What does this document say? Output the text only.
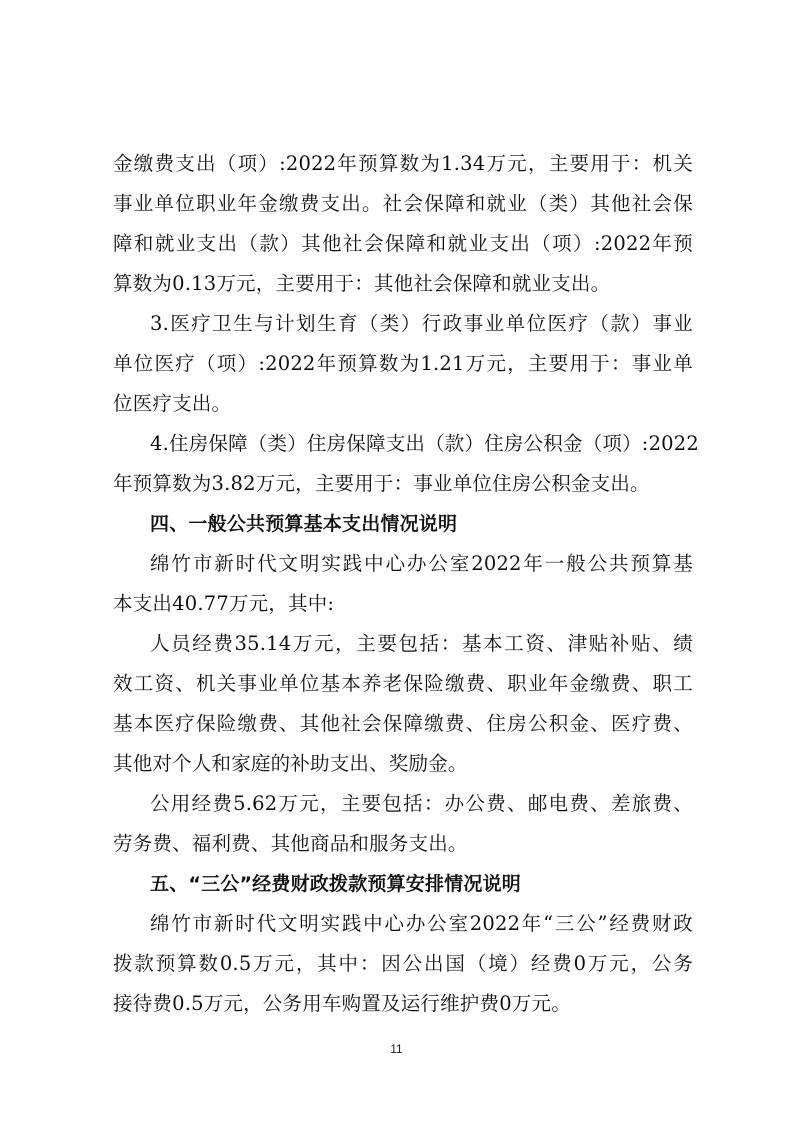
金缴费支出（项）:2022年预算数为1.34万元，主要用于：机关
事业单位职业年金缴费支出。社会保障和就业（类）其他社会保
障和就业支出（款）其他社会保障和就业支出（项）:2022年预
算数为0.13万元，主要用于：其他社会保障和就业支出。
3.医疗卫生与计划生育（类）行政事业单位医疗（款）事业
单位医疗（项）:2022年预算数为1.21万元，主要用于：事业单
位医疗支出。
4.住房保障（类）住房保障支出（款）住房公积金（项）:2022
年预算数为3.82万元，主要用于：事业单位住房公积金支出。
四、一般公共预算基本支出情况说明
绵竹市新时代文明实践中心办公室2022年一般公共预算基
本支出40.77万元，其中:
人员经费35.14万元，主要包括：基本工资、津贴补贴、绩
效工资、机关事业单位基本养老保险缴费、职业年金缴费、职工
基本医疗保险缴费、其他社会保障缴费、住房公积金、医疗费、
其他对个人和家庭的补助支出、奖励金。
公用经费5.62万元，主要包括：办公费、邮电费、差旅费、
劳务费、福利费、其他商品和服务支出。
五、“三公”经费财政拨款预算安排情况说明
绵竹市新时代文明实践中心办公室2022年“三公”经费财政
拨款预算数0.5万元，其中：因公出国（境）经费0万元，公务
接待费0.5万元，公务用车购置及运行维护费0万元。
11
